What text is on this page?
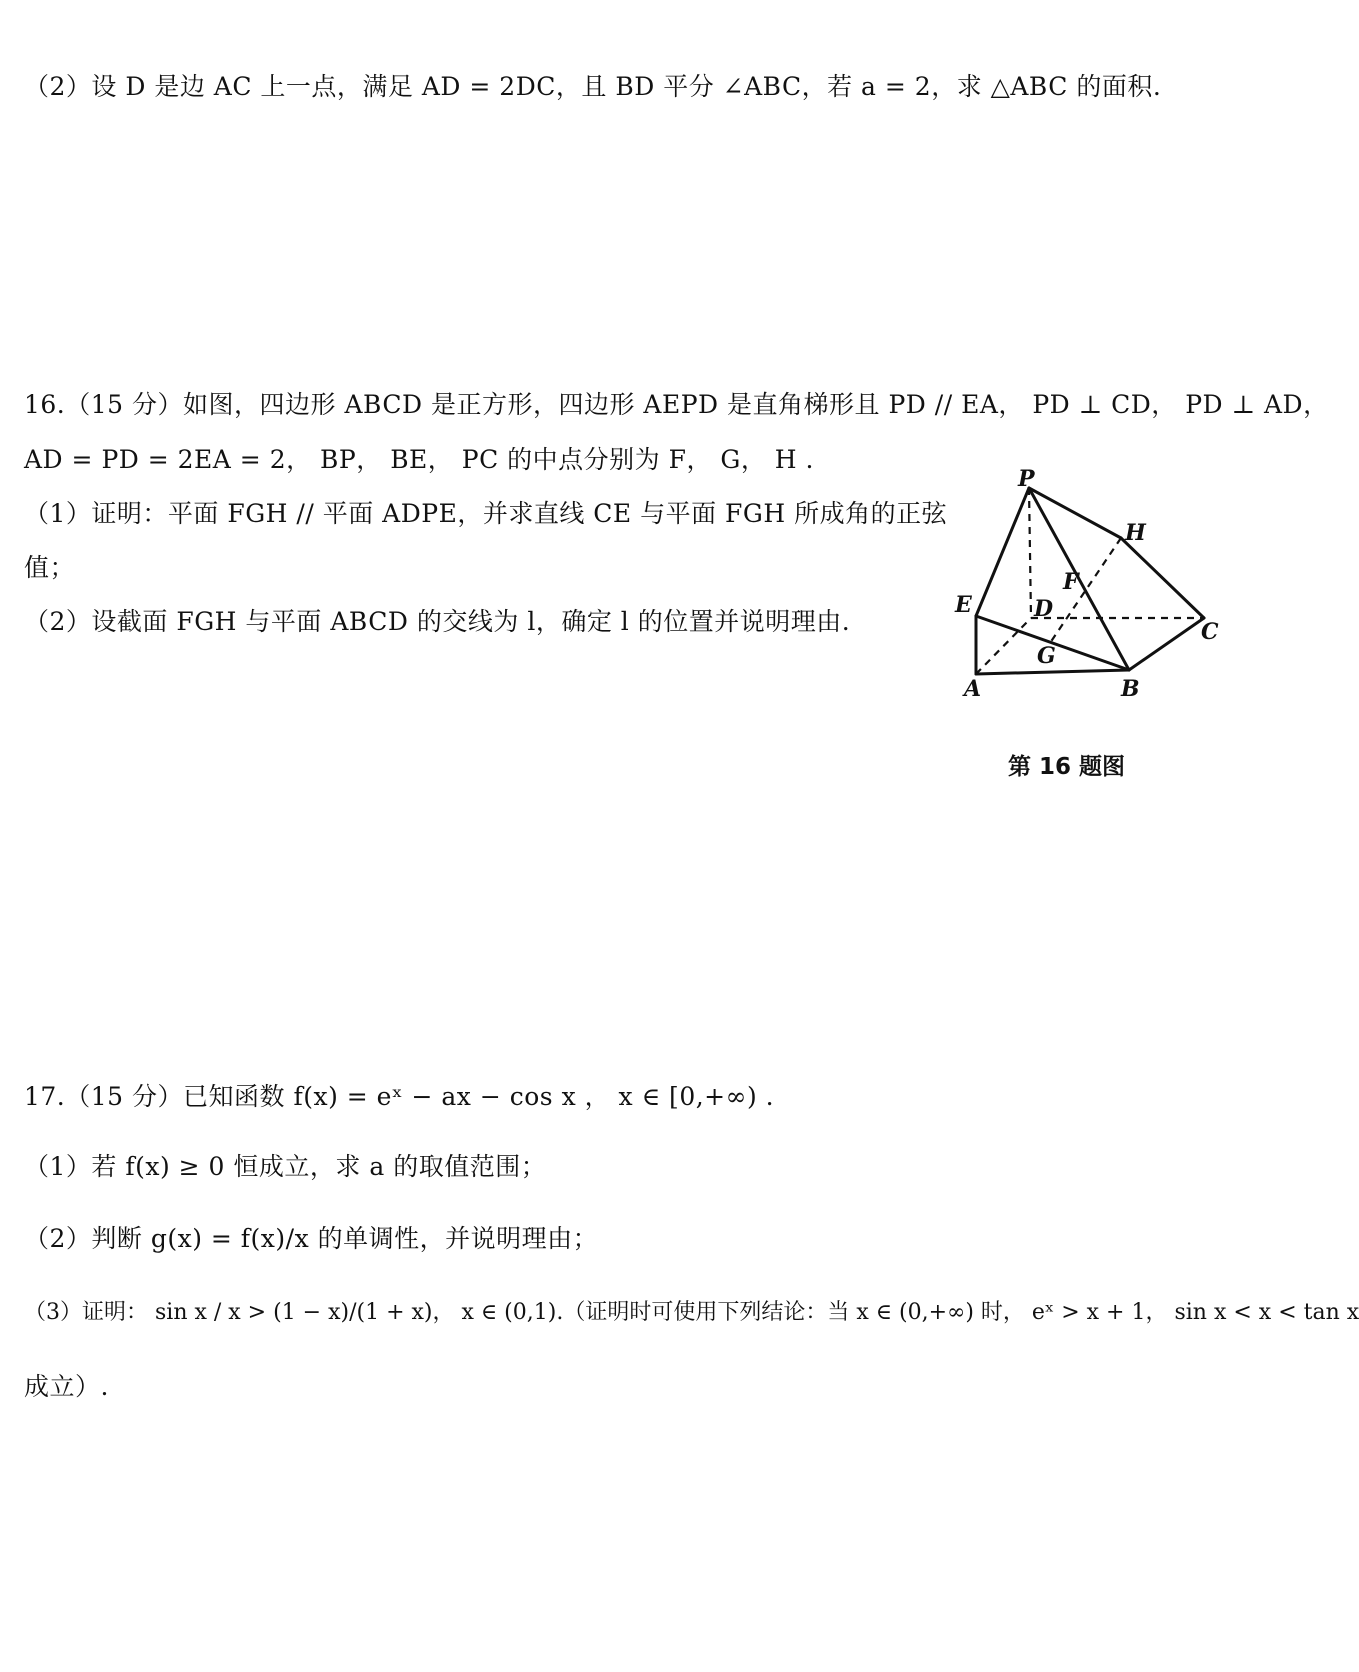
（2）设 D 是边 AC 上一点，满足 AD = 2DC，且 BD 平分 ∠ABC，若 a = 2，求 △ABC 的面积.
16.（15 分）如图，四边形 ABCD 是正方形，四边形 AEPD 是直角梯形且 PD // EA， PD ⊥ CD， PD ⊥ AD，
AD = PD = 2EA = 2， BP， BE， PC 的中点分别为 F， G， H .
（1）证明：平面 FGH // 平面 ADPE，并求直线 CE 与平面 FGH 所成角的正弦
值；
（2）设截面 FGH 与平面 ABCD 的交线为 l，确定 l 的位置并说明理由.
P
H
F
E	D
C
G
A	B
第 16 题图
17.（15 分）已知函数 f(x) = eˣ − ax − cos x ， x ∈ [0,+∞) .
（1）若 f(x) ≥ 0 恒成立，求 a 的取值范围；
（2）判断 g(x) = f(x)/x 的单调性，并说明理由；
（3）证明： sin x / x > (1 − x)/(1 + x)， x ∈ (0,1).（证明时可使用下列结论：当 x ∈ (0,+∞) 时， eˣ > x + 1， sin x < x < tan x
成立）.
